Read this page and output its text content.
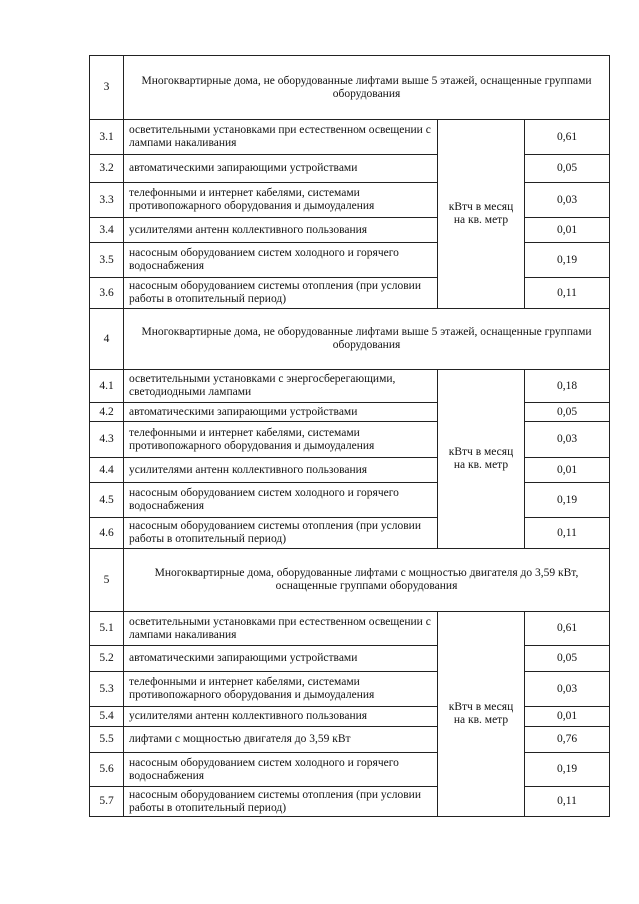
3	Многоквартирные дома, не оборудованные лифтами выше 5 этажей, оснащенные группами оборудования		
3.1	осветительными установками при естественном освещении с лампами накаливания	кВтч в месяц на кв. метр	0,61
3.2	автоматическими запирающими устройствами		0,05
3.3	телефонными и интернет кабелями, системами противопожарного оборудования и дымоудаления		0,03
3.4	усилителями антенн коллективного пользования		0,01
3.5	насосным оборудованием систем холодного и горячего водоснабжения		0,19
3.6	насосным оборудованием системы отопления (при условии работы в отопительный период)		0,11
4	Многоквартирные дома, не оборудованные лифтами выше 5 этажей, оснащенные группами оборудования		
4.1	осветительными установками с энергосберегающими, светодиодными лампами	кВтч в месяц на кв. метр	0,18
4.2	автоматическими запирающими устройствами		0,05
4.3	телефонными и интернет кабелями, системами противопожарного оборудования и дымоудаления		0,03
4.4	усилителями антенн коллективного пользования		0,01
4.5	насосным оборудованием систем холодного и горячего водоснабжения		0,19
4.6	насосным оборудованием системы отопления (при условии работы в отопительный период)		0,11
5	Многоквартирные дома, оборудованные лифтами с мощностью двигателя до 3,59 кВт, оснащенные группами оборудования		
5.1	осветительными установками при естественном освещении с лампами накаливания	кВтч в месяц на кв. метр	0,61
5.2	автоматическими запирающими устройствами		0,05
5.3	телефонными и интернет кабелями, системами противопожарного оборудования и дымоудаления		0,03
5.4	усилителями антенн коллективного пользования		0,01
5.5	лифтами с мощностью двигателя до 3,59 кВт		0,76
5.6	насосным оборудованием систем холодного и горячего водоснабжения		0,19
5.7	насосным оборудованием системы отопления (при условии работы в отопительный период)		0,11
